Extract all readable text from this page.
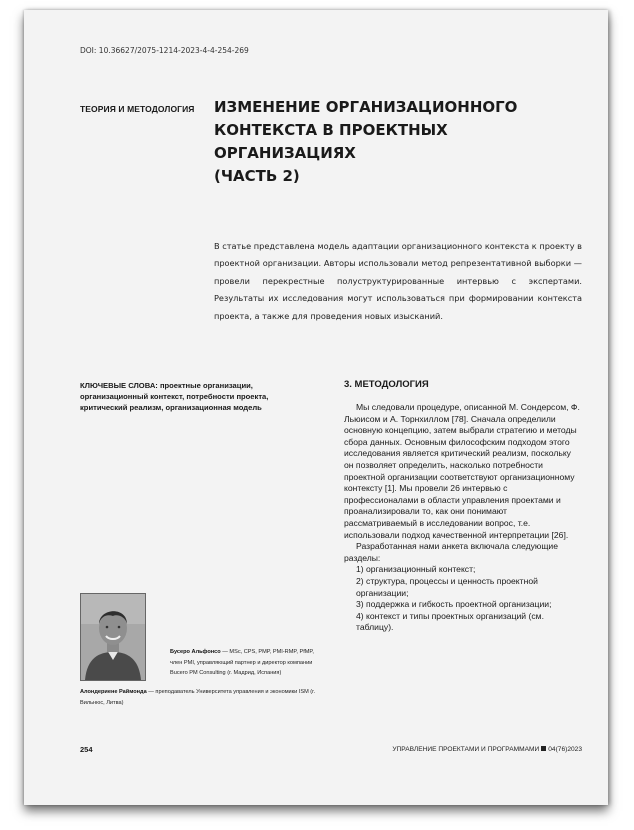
DOI: 10.36627/2075-1214-2023-4-4-254-269
ТЕОРИЯ И МЕТОДОЛОГИЯ ИЗМЕНЕНИЕ ОРГАНИЗАЦИОННОГО
КОНТЕКСТА В ПРОЕКТНЫХ ОРГАНИЗАЦИЯХ
(ЧАСТЬ 2)

В статье представлена модель адаптации организационного контекста к проекту в проектной организации. Авторы использовали метод репрезентативной выборки — провели перекрестные полуструктурированные интервью с экспертами. Результаты их исследования могут использоваться при формировании контекста проекта, а также для проведения новых изысканий.

КЛЮЧЕВЫЕ СЛОВА: проектные организации, организационный контекст, потребности проекта, критический реализм, организационная модель

Бусеро Альфонсо — MSc, CPS, PMP, PMI-RMP, PfMP, член PMI, управляющий партнер и директор компании Bucero PM Consulting (г. Мадрид, Испания)

Алондериене Раймонда — преподаватель Университета управления и экономики ISM (г. Вильнюс, Литва)

3. МЕТОДОЛОГИЯ

Мы следовали процедуре, описанной М. Сондерсом, Ф. Льюисом и А. Торнхиллом [78]. Сначала определили основную концепцию, затем выбрали стратегию и методы сбора данных. Основным философским подходом этого исследования является критический реализм, поскольку он позволяет определить, насколько потребности проектной организации соответствуют организационному контексту [1]. Мы провели 26 интервью с профессионалами в области управления проектами и проанализировали то, как они понимают рассматриваемый в исследовании вопрос, т.е. использовали подход качественной интерпретации [26].

Разработанная нами анкета включала следующие разделы:

1) организационный контекст;

2) структура, процессы и ценность проектной организации;

3) поддержка и гибкость проектной организации;

4) контекст и типы проектных организаций (см. таблицу).

254	УПРАВЛЕНИЕ ПРОЕКТАМИ И ПРОГРАММАМИ 04(76)2023
